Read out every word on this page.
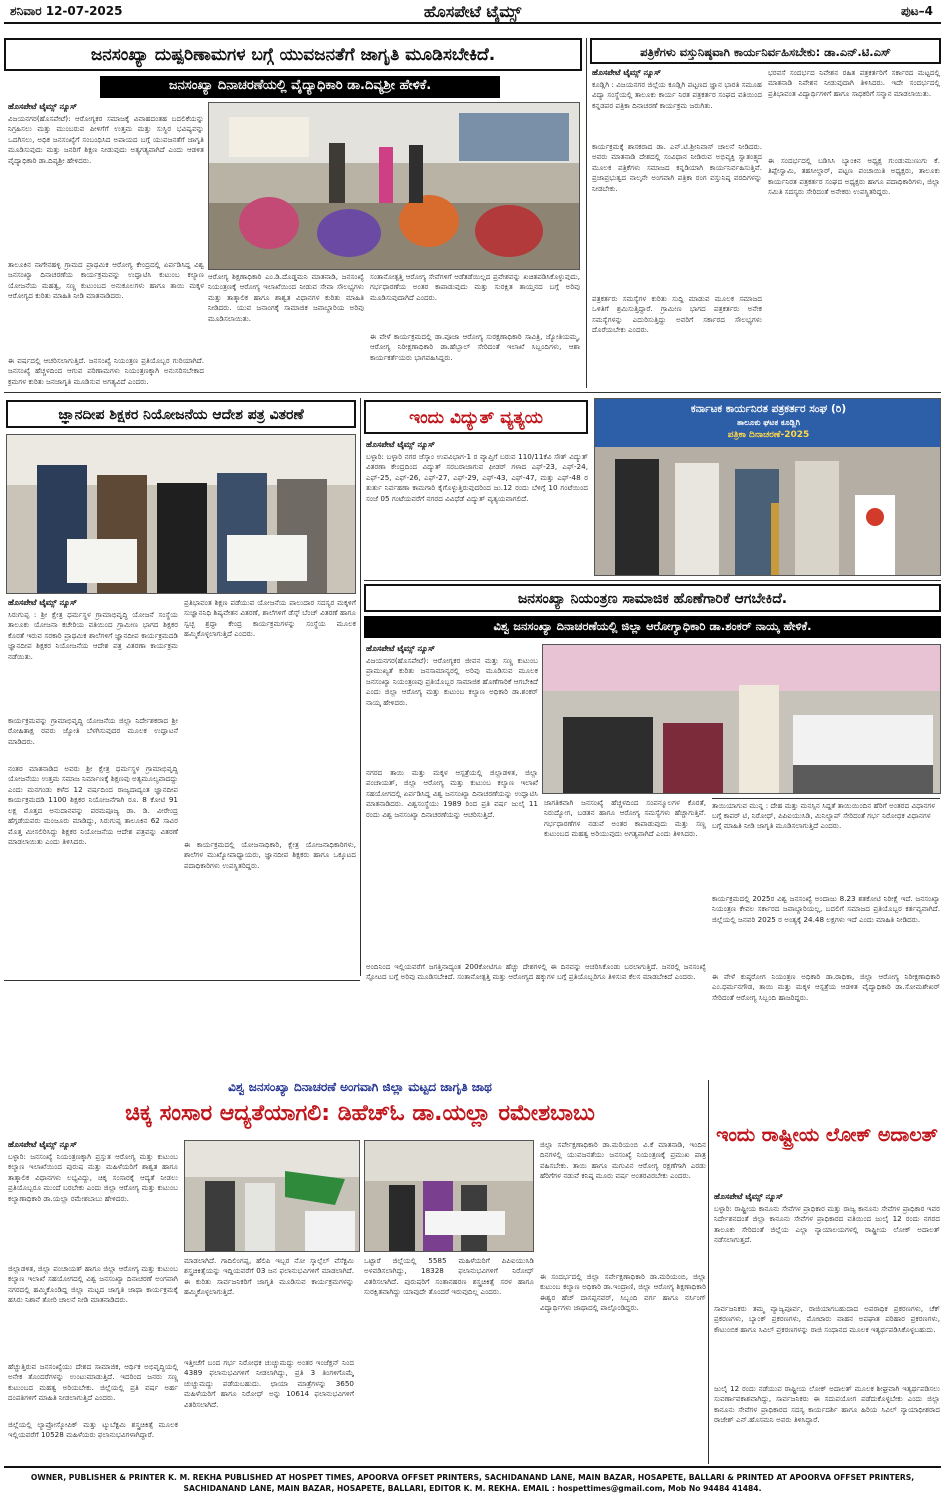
ಶನಿವಾರ 12-07-2025	ಹೊಸಪೇಟೆ ಟೈಮ್ಸ್	ಪುಟ–4
ಜನಸಂಖ್ಯಾ ದುಷ್ಪರಿಣಾಮಗಳ ಬಗ್ಗೆ ಯುವಜನತೆಗೆ ಜಾಗೃತಿ ಮೂಡಿಸಬೇಕಿದೆ.
ಜನಸಂಖ್ಯಾ ದಿನಾಚರಣೆಯಲ್ಲಿ ವೈದ್ಯಾಧಿಕಾರಿ ಡಾ.ದಿವ್ಯಶ್ರೀ ಹೇಳಿಕೆ.
ಹೊಸಪೇಟೆ ಟೈಮ್ಸ್ ನ್ಯೂಸ್
ವಿಜಯನಗರ(ಹೊಸಪೇಟೆ): ಆರೋಗ್ಯಕರ ಸಮಾಜಕ್ಕೆ ವಿವಾಹದಂತಹ ಬದಲಿಕೆಯನ್ನು ನಿಗ್ರಹಿಸಲು ಮತ್ತು ಮುಂಬರುವ ಪೀಳಿಗೆಗೆ ಉತ್ತಮ ಮತ್ತು ಸುಸ್ಥಿರ ಭವಿಷ್ಯವನ್ನು ಒದಗಿಸಲು, ಅಧಿಕ ಜನಸಂಖ್ಯೆಗೆ ಸಂಬಂಧಿಸಿದ ಅಪಾಯದ ಬಗ್ಗೆ ಯುವಜನತೆಗೆ ಜಾಗೃತಿ ಮೂಡಿಸುವುದು ಮತ್ತು ಜನರಿಗೆ ಶಿಕ್ಷಣ ನೀಡುವುದು ಅತ್ಯಗತ್ಯವಾಗಿದೆ ಎಂದು ಆಡಳಿತ ವೈದ್ಯಾಧಿಕಾರಿ ಡಾ.ದಿವ್ಯಶ್ರೀ ಹೇಳಿದರು.
ತಾಲೂಕಿನ ನಾಗೇನಹಳ್ಳಿ ಗ್ರಾಮದ ಪ್ರಾಥಮಿಕ ಆರೋಗ್ಯ ಕೇಂದ್ರದಲ್ಲಿ ಏರ್ಪಡಿಸಿದ್ದ ವಿಶ್ವ ಜನಸಂಖ್ಯಾ ದಿನಾಚರಣೆಯ ಕಾರ್ಯಕ್ರಮವನ್ನು ಉದ್ಘಾಟಿಸಿ ಕುಟುಂಬ ಕಲ್ಯಾಣ ಯೋಜನೆಯ ಮಹತ್ವ, ಸಣ್ಣ ಕುಟುಂಬದ ಅನುಕೂಲಗಳು ಹಾಗೂ ತಾಯಿ ಮಕ್ಕಳ ಆರೋಗ್ಯದ ಕುರಿತು ಮಾಹಿತಿ ನೀಡಿ ಮಾತನಾಡಿದರು.
ಈ ವರ್ಷದಲ್ಲಿ ಆಚರಿಸಲಾಗುತ್ತಿದೆ. ಜನಸಂಖ್ಯೆ ನಿಯಂತ್ರಣ ಪ್ರತಿಯೊಬ್ಬರ ಗುರಿಯಾಗಿದೆ. ಜನಸಂಖ್ಯೆ ಹೆಚ್ಚಳದಿಂದ ಆಗುವ ಪರಿಣಾಮಗಳು ನಿಯಂತ್ರಣಕ್ಕಾಗಿ ಅನುಸರಿಸಬೇಕಾದ ಕ್ರಮಗಳ ಕುರಿತು ಜನಜಾಗೃತಿ ಮೂಡಿಸುವ ಅಗತ್ಯವಿದೆ ಎಂದರು.
ಆರೋಗ್ಯ ಶಿಕ್ಷಣಾಧಿಕಾರಿ ಎಂ.ಡಿ.ದೊಡ್ಡಮನಿ ಮಾತನಾಡಿ, ಜನಸಂಖ್ಯೆ ನಿಯಂತ್ರಣಕ್ಕೆ ಆರೋಗ್ಯ ಇಲಾಖೆಯಿಂದ ನೀಡುವ ಸೇವಾ ಸೌಲಭ್ಯಗಳು ಮತ್ತು ತಾತ್ಕಾಲಿಕ ಹಾಗೂ ಶಾಶ್ವತ ವಿಧಾನಗಳ ಕುರಿತು ಮಾಹಿತಿ ನೀಡಿದರು. ಯುವ ಜನಾಂಗಕ್ಕೆ ಸಾಮಾಜಿಕ ಜವಾಬ್ದಾರಿಯ ಅರಿವು ಮೂಡಿಸಲಾಯಿತು.
ಸಂತಾನೋತ್ಪತ್ತಿ ಆರೋಗ್ಯ ಸೇವೆಗಳಿಗೆ ಆಡೆತಡೆಯಿಲ್ಲದ ಪ್ರವೇಶವನ್ನು ಖಚಿತಪಡಿಸಿಕೊಳ್ಳುವುದು, ಗರ್ಭಧಾರಣೆಯ ಅಂತರ ಕಾಪಾಡುವುದು ಮತ್ತು ಸುರಕ್ಷಿತ ತಾಯ್ತನದ ಬಗ್ಗೆ ಅರಿವು ಮೂಡಿಸುವುದಾಗಿದೆ ಎಂದರು.
ಈ ವೇಳೆ ಕಾರ್ಯಕ್ರಮದಲ್ಲಿ ಡಾ.ಪೂಜಾ ಆರೋಗ್ಯ ಸುರಕ್ಷಣಾಧಿಕಾರಿ ಸಾವಿತ್ರಿ, ಜ್ಯೋತಿಯಮ್ಮ, ಆರೋಗ್ಯ ನಿರೀಕ್ಷಣಾಧಿಕಾರಿ ಡಾ.ಹೆಬ್ಬಾಲ್ ಸೇರಿದಂತೆ ಇಲಾಖೆ ಸಿಬ್ಬಂದಿಗಳು, ಆಶಾ ಕಾರ್ಯಕರ್ತೆಯರು ಭಾಗವಹಿಸಿದ್ದರು.
ಪತ್ರಿಕೆಗಳು ವಸ್ತುನಿಷ್ಠವಾಗಿ ಕಾರ್ಯನಿರ್ವಹಿಸಬೇಕು: ಡಾ.ಎನ್.ಟಿ.ಎಸ್
ಹೊಸಪೇಟೆ ಟೈಮ್ಸ್ ನ್ಯೂಸ್
ಕೂಡ್ಲಿಗಿ : ವಿಜಯನಗರ ಜಿಲ್ಲೆಯ ಕೂಡ್ಲಿಗಿ ಪಟ್ಟಣದ ಜ್ಞಾನ ಭಾರತಿ ಸಮೂಹ ವಿದ್ಯಾ ಸಂಸ್ಥೆಯಲ್ಲಿ ತಾಲೂಕು ಕಾರ್ಯ ನಿರತ ಪತ್ರಕರ್ತರ ಸಂಘದ ವತಿಯಿಂದ ಕನ್ನಡಪರ ಪತ್ರಿಕಾ ದಿನಾಚರಣೆ ಕಾರ್ಯಕ್ರಮ ಜರುಗಿತು.
ಕಾರ್ಯಕ್ರಮಕ್ಕೆ ಶಾಸಕರಾದ ಡಾ. ಎನ್.ಟಿ.ಶ್ರೀನಿವಾಸ್ ಚಾಲನೆ ನೀಡಿದರು. ಅವರು ಮಾತನಾಡಿ ದೇಶದಲ್ಲಿ ಸಂವಿಧಾನ ನೀಡಿರುವ ಅಭಿವ್ಯಕ್ತಿ ಸ್ವಾತಂತ್ರ್ಯದ ಮೂಲಕ ಪತ್ರಿಕೆಗಳು ಸಮಾಜದ ಕನ್ನಡಿಯಾಗಿ ಕಾರ್ಯನಿರ್ವಹಿಸುತ್ತಿವೆ. ಪ್ರಜಾಪ್ರಭುತ್ವದ ನಾಲ್ಕನೇ ಅಂಗವಾಗಿ ಪತ್ರಿಕಾ ರಂಗ ವಸ್ತುನಿಷ್ಠ ವರದಿಗಳನ್ನು ನೀಡಬೇಕು.
ಪತ್ರಕರ್ತರು ಸಮಸ್ಯೆಗಳ ಕುರಿತು ಸುದ್ದಿ ಮಾಡುವ ಮೂಲಕ ಸಮಾಜದ ಒಳಿತಿಗೆ ಶ್ರಮಿಸುತ್ತಿದ್ದಾರೆ. ಗ್ರಾಮೀಣ ಭಾಗದ ಪತ್ರಕರ್ತರು ಅನೇಕ ಸಮಸ್ಯೆಗಳನ್ನು ಎದುರಿಸುತ್ತಿದ್ದು ಅವರಿಗೆ ಸರ್ಕಾರದ ಸೌಲಭ್ಯಗಳು ದೊರೆಯಬೇಕು ಎಂದರು.
ಭರವಸೆ ಸಂದರ್ಭದ ನಿವೇಶನ ರಹಿತ ಪತ್ರಕರ್ತರಿಗೆ ಸರ್ಕಾರದ ಮಟ್ಟದಲ್ಲಿ ಮಾತನಾಡಿ ನಿವೇಶನ ನೀಡುವುದಾಗಿ ತಿಳಿಸಿದರು. ಇದೇ ಸಂದರ್ಭದಲ್ಲಿ ಪ್ರತಿಭಾವಂತ ವಿದ್ಯಾರ್ಥಿಗಳಿಗೆ ಹಾಗೂ ಸಾಧಕರಿಗೆ ಸನ್ಮಾನ ಮಾಡಲಾಯಿತು.
ಈ ಸಂದರ್ಭದಲ್ಲಿ ಬಡಿಸಿಸಿ ಬ್ಯಾಂಕಿನ ಅಧ್ಯಕ್ಷ ಗುಂಡುಮುಣುಗು ಕೆ. ತಿಪ್ಪೇಸ್ವಾಮಿ, ತಹಸೀಲ್ದಾರ್, ಪಟ್ಟಣ ಪಂಚಾಯಿತಿ ಅಧ್ಯಕ್ಷರು, ತಾಲೂಕು ಕಾರ್ಯನಿರತ ಪತ್ರಕರ್ತರ ಸಂಘದ ಅಧ್ಯಕ್ಷರು ಹಾಗೂ ಪದಾಧಿಕಾರಿಗಳು, ಜಿಲ್ಲಾ ಸಮಿತಿ ಸದಸ್ಯರು ಸೇರಿದಂತೆ ಅನೇಕರು ಉಪಸ್ಥಿತರಿದ್ದರು.
ಜ್ಞಾನದೀಪ ಶಿಕ್ಷಕರ ನಿಯೋಜನೆಯ ಆದೇಶ ಪತ್ರ ವಿತರಣೆ
ಹೊಸಪೇಟೆ ಟೈಮ್ಸ್ ನ್ಯೂಸ್
ಸಿರುಗುಪ್ಪ : ಶ್ರೀ ಕ್ಷೇತ್ರ ಧರ್ಮಸ್ಥಳ ಗ್ರಾಮಾಭಿವೃದ್ಧಿ ಯೋಜನೆ ಸಂಸ್ಥೆಯ ತಾಲೂಕು ಯೋಜನಾ ಕಚೇರಿಯ ವತಿಯಿಂದ ಗ್ರಾಮೀಣ ಭಾಗದ ಶಿಕ್ಷಕರ ಕೊರತೆ ಇರುವ ಸರಕಾರಿ ಪ್ರಾಥಮಿಕ ಶಾಲೆಗಳಿಗೆ ಜ್ಞಾನದೀಪ ಕಾರ್ಯಕ್ರಮದಡಿ ಜ್ಞಾನದೀಪ ಶಿಕ್ಷಕರ ನಿಯೋಜನೆಯ ಆದೇಶ ಪತ್ರ ವಿತರಣಾ ಕಾರ್ಯಕ್ರಮ ನಡೆಯಿತು.
ಕಾರ್ಯಕ್ರಮವನ್ನು ಗ್ರಾಮಾಭಿವೃದ್ಧಿ ಯೋಜನೆಯ ಜಿಲ್ಲಾ ನಿರ್ದೇಶಕರಾದ ಶ್ರೀ ರೋಹಿತಾಕ್ಷ ರವರು ಜ್ಯೋತಿ ಬೆಳಗಿಸುವುದರ ಮೂಲಕ ಉದ್ಘಾಟನೆ ಮಾಡಿದರು.
ನಂತರ ಮಾತನಾಡಿದ ಅವರು ಶ್ರೀ ಕ್ಷೇತ್ರ ಧರ್ಮಸ್ಥಳ ಗ್ರಾಮಾಭಿವೃದ್ಧಿ ಯೋಜನೆಯು ಉತ್ತಮ ಸಮಾಜ ನಿರ್ಮಾಣಕ್ಕೆ ಶಿಕ್ಷಣವು ಅತ್ಯಮೂಲ್ಯವಾದದ್ದು ಎಂದು ಮನಗಂಡು ಕಳೆದ 12 ವರ್ಷದಿಂದ ರಾಜ್ಯದಾದ್ಯಂತ ಜ್ಞಾನದೀಪ ಕಾರ್ಯಕ್ರಮದಡಿ 1100 ಶಿಕ್ಷಕರ ನಿಯೋಜನೆಗಾಗಿ ರೂ. 8 ಕೋಟಿ 91 ಲಕ್ಷ ಮೊತ್ತದ ಅನುದಾನವನ್ನು ಪರಮಪೂಜ್ಯ ಡಾ. ಡಿ. ವೀರೇಂದ್ರ ಹೆಗ್ಗಡೆಯವರು ಮಂಜೂರು ಮಾಡಿದ್ದು, ಸಿರುಗುಪ್ಪ ತಾಲೂಕಿನ 62 ಸಾವಿರ ಮೊತ್ತ ಮೀಸಲಿರಿಸಿದ್ದು ಶಿಕ್ಷಕರ ನಿಯೋಜನೆಯ ಆದೇಶ ಪತ್ರವನ್ನು ವಿತರಣೆ ಮಾಡಲಾಯಿತು ಎಂದು ತಿಳಿಸಿದರು.
ಪ್ರತಿಭಾವಂತ ಶಿಕ್ಷಣ ಪಡೆಯುವ ಯೋಜನೆಯ ಪಾಲುದಾರ ಸದಸ್ಯರ ಮಕ್ಕಳಿಗೆ ಸುಜ್ಞಾನನಿಧಿ ಶಿಷ್ಯವೇತನ ವಿತರಣೆ, ಶಾಲೆಗಳಿಗೆ ಡೆಸ್ಕ್ ಬೆಂಚ್ ವಿತರಣೆ ಹಾಗೂ ಸ್ವಚ್ಛ ಶ್ರದ್ಧಾ ಕೇಂದ್ರ ಕಾರ್ಯಕ್ರಮಗಳನ್ನು ಸಂಸ್ಥೆಯ ಮೂಲಕ ಹಮ್ಮಿಕೊಳ್ಳಲಾಗುತ್ತಿದೆ ಎಂದರು.
ಈ ಕಾರ್ಯಕ್ರಮದಲ್ಲಿ ಯೋಜನಾಧಿಕಾರಿ, ಕ್ಷೇತ್ರ ಯೋಜನಾಧಿಕಾರಿಗಳು, ಶಾಲೆಗಳ ಮುಖ್ಯೋಪಾಧ್ಯಾಯರು, ಜ್ಞಾನದೀಪ ಶಿಕ್ಷಕರು ಹಾಗೂ ಒಕ್ಕೂಟದ ಪದಾಧಿಕಾರಿಗಳು ಉಪಸ್ಥಿತರಿದ್ದರು.
ಇಂದು ವಿದ್ಯುತ್ ವ್ಯತ್ಯಯ
ಹೊಸಪೇಟೆ ಟೈಮ್ಸ್ ನ್ಯೂಸ್
ಬಳ್ಳಾರಿ: ಬಳ್ಳಾರಿ ನಗರ ಜೆಸ್ಕಾಂ ಉಪವಿಭಾಗ-1 ರ ವ್ಯಾಪ್ತಿಗೆ ಬರುವ 110/11ಕೆವಿ ಸೌತ್ ವಿದ್ಯುತ್ ವಿತರಣಾ ಕೇಂದ್ರದಿಂದ ವಿದ್ಯುತ್ ಸರಬರಾಜಾಗುವ ಫೀಡರ್ ಗಳಾದ ಎಫ್-23, ಎಫ್-24, ಎಫ್-25, ಎಫ್-26, ಎಫ್-27, ಎಫ್-29, ಎಫ್-43, ಎಫ್-47, ಮತ್ತು ಎಫ್-48 ರ ತುರ್ತು ನಿರ್ವಹಣಾ ಕಾಮಗಾರಿ ಕೈಗೊಳ್ಳುತ್ತಿರುವುದರಿಂದ ಜು.12 ರಂದು ಬೆಳಿಗ್ಗೆ 10 ಗಂಟೆಯಿಂದ ಸಂಜೆ 05 ಗಂಟೆಯವರೆಗೆ ನಗರದ ವಿವಿಧೆಡೆ ವಿದ್ಯುತ್ ವ್ಯತ್ಯಯವಾಗಲಿದೆ.
ಕರ್ನಾಟಕ ಕಾರ್ಯನಿರತ ಪತ್ರಕರ್ತರ ಸಂಘ (ರಿ)
ತಾಲೂಕು ಘಟಕ ಕೂಡ್ಲಿಗಿ
ಪತ್ರಿಕಾ ದಿನಾಚರಣೆ-2025
ಜನಸಂಖ್ಯಾ ನಿಯಂತ್ರಣ ಸಾಮಾಜಿಕ ಹೊಣೆಗಾರಿಕೆ ಆಗಬೇಕಿದೆ.
ವಿಶ್ವ ಜನಸಂಖ್ಯಾ ದಿನಾಚರಣೆಯಲ್ಲಿ ಜಿಲ್ಲಾ ಆರೋಗ್ಯಾಧಿಕಾರಿ ಡಾ.ಶಂಕರ್ ನಾಯ್ಕ ಹೇಳಿಕೆ.
ಹೊಸಪೇಟೆ ಟೈಮ್ಸ್ ನ್ಯೂಸ್
ವಿಜಯನಗರ(ಹೊಸಪೇಟೆ): ಆರೋಗ್ಯಕರ ಜೀವನ ಮತ್ತು ಸಣ್ಣ ಕುಟುಂಬ ಪ್ರಾಮುಖ್ಯತೆ ಕುರಿತು ಜನಸಾಮಾನ್ಯರಲ್ಲಿ ಅರಿವು ಮೂಡಿಸುವ ಮೂಲಕ ಜನಸಂಖ್ಯಾ ನಿಯಂತ್ರಣವು ಪ್ರತಿಯೊಬ್ಬರ ಸಾಮಾಜಿಕ ಹೊಣೆಗಾರಿಕೆ ಆಗಬೇಕಿದೆ ಎಂದು ಜಿಲ್ಲಾ ಆರೋಗ್ಯ ಮತ್ತು ಕುಟುಂಬ ಕಲ್ಯಾಣ ಅಧಿಕಾರಿ ಡಾ.ಶಂಕರ್ ನಾಯ್ಕ ಹೇಳಿದರು.
ನಗರದ ತಾಯಿ ಮತ್ತು ಮಕ್ಕಳ ಆಸ್ಪತ್ರೆಯಲ್ಲಿ ಜಿಲ್ಲಾಡಳಿತ, ಜಿಲ್ಲಾ ಪಂಚಾಯತ್, ಜಿಲ್ಲಾ ಆರೋಗ್ಯ ಮತ್ತು ಕುಟುಂಬ ಕಲ್ಯಾಣ ಇಲಾಖೆ ಸಹಯೋಗದಲ್ಲಿ ಏರ್ಪಡಿಸಿದ್ದ ವಿಶ್ವ ಜನಸಂಖ್ಯಾ ದಿನಾಚರಣೆಯನ್ನು ಉದ್ಘಾಟಿಸಿ ಮಾತನಾಡಿದರು. ವಿಶ್ವಸಂಸ್ಥೆಯು 1989 ರಿಂದ ಪ್ರತಿ ವರ್ಷ ಜುಲೈ 11 ರಂದು ವಿಶ್ವ ಜನಸಂಖ್ಯಾ ದಿನಾಚರಣೆಯನ್ನು ಆಚರಿಸುತ್ತಿದೆ.
ಜಾಗತಿಕವಾಗಿ ಜನಸಂಖ್ಯೆ ಹೆಚ್ಚಳದಿಂದ ಸಂಪನ್ಮೂಲಗಳ ಕೊರತೆ, ನಿರುದ್ಯೋಗ, ಬಡತನ ಹಾಗೂ ಆರೋಗ್ಯ ಸಮಸ್ಯೆಗಳು ಹೆಚ್ಚಾಗುತ್ತಿವೆ. ಗರ್ಭಧಾರಣೆಗಳ ನಡುವೆ ಅಂತರ ಕಾಪಾಡುವುದು ಮತ್ತು ಸಣ್ಣ ಕುಟುಂಬದ ಮಹತ್ವ ಅರಿಯುವುದು ಅಗತ್ಯವಾಗಿದೆ ಎಂದು ತಿಳಿಸಿದರು.
ತಾಯಿಯಾಗುವ ಮುನ್ನ : ದೇಹ ಮತ್ತು ಮನಸ್ಸಿನ ಸಿದ್ದತೆ ತಾಯಿಯಿಂದಿನ ಹೆರಿಗೆ ಅಂತರದ ವಿಧಾನಗಳ ಬಗ್ಗೆ ಕಾಪರ್ ಟಿ, ನಿರೋಧ್, ಪಿಪಿಐಯುಸಿಡಿ, ಮಿನಿಲ್ಯಾಪ್ ಸೇರಿದಂತೆ ಗರ್ಭ ನಿರೋಧಕ ವಿಧಾನಗಳ ಬಗ್ಗೆ ಮಾಹಿತಿ ನೀಡಿ ಜಾಗೃತಿ ಮೂಡಿಸಲಾಗುತ್ತಿದೆ ಎಂದರು.
ಕಾರ್ಯಕ್ರಮದಲ್ಲಿ 2025ರ ವಿಶ್ವ ಜನಸಂಖ್ಯೆ ಅಂದಾಜು 8.23 ಶತಕೋಟಿ ನಿರೀಕ್ಷೆ ಇದೆ. ಜನಸಂಖ್ಯಾ ನಿಯಂತ್ರಣ ಕೇವಲ ಸರ್ಕಾರದ ಜವಾಬ್ದಾರಿಯಲ್ಲ, ಬದಲಿಗೆ ಸಮಾಜದ ಪ್ರತಿಯೊಬ್ಬರ ಕರ್ತವ್ಯವಾಗಿದೆ. ಜಿಲ್ಲೆಯಲ್ಲಿ ಜನವರಿ 2025 ರ ಅಂತ್ಯಕ್ಕೆ 24.48 ಲಕ್ಷಗಳು ಇದೆ ಎಂದು ಮಾಹಿತಿ ನೀಡಿದರು.
ಅಂದಿನಿಂದ ಇಲ್ಲಿಯವರೆಗೆ ಜಗತ್ತಿನಾದ್ಯಂತ 200ಕೋಟಿಗೂ ಹೆಚ್ಚು ದೇಶಗಳಲ್ಲಿ ಈ ದಿನವನ್ನು ಆಚರಿಸಿಕೊಂಡು ಬರಲಾಗುತ್ತಿದೆ. ಜನರಲ್ಲಿ ಜನಸಂಖ್ಯೆ ಸ್ಪೋಟದ ಬಗ್ಗೆ ಅರಿವು ಮೂಡಿಸಬೇಕಿದೆ. ಸಂತಾನೋತ್ಪತ್ತಿ ಮತ್ತು ಆರೋಗ್ಯದ ಹಕ್ಕುಗಳ ಬಗ್ಗೆ ಪ್ರತಿಯೊಬ್ಬರಿಗೂ ತಿಳಿಸುವ ಕೆಲಸ ಮಾಡಬೇಕಿದೆ ಎಂದರು.	ಈ ವೇಳೆ ಕುಷ್ಠರೋಗ ನಿಯಂತ್ರಣ ಅಧಿಕಾರಿ ಡಾ.ರಾಧಿಕಾ, ಜಿಲ್ಲಾ ಆರೋಗ್ಯ ನಿರೀಕ್ಷಣಾಧಿಕಾರಿ ಎಂ.ಧರ್ಮನಗೌಡ, ತಾಯಿ ಮತ್ತು ಮಕ್ಕಳ ಆಸ್ಪತ್ರೆಯ ಆಡಳಿತ ವೈದ್ಯಾಧಿಕಾರಿ ಡಾ.ಸೋಮಶೇಖರ್ ಸೇರಿದಂತೆ ಆರೋಗ್ಯ ಸಿಬ್ಬಂದಿ ಹಾಜರಿದ್ದರು.
ವಿಶ್ವ ಜನಸಂಖ್ಯಾ ದಿನಾಚರಣೆ ಅಂಗವಾಗಿ ಜಿಲ್ಲಾ ಮಟ್ಟದ ಜಾಗೃತಿ ಜಾಥ
ಚಿಕ್ಕ ಸಂಸಾರ ಆದ್ಯತೆಯಾಗಲಿ: ಡಿಹೆಚ್‌ಓ ಡಾ.ಯಲ್ಲಾ ರಮೇಶಬಾಬು
ಹೊಸಪೇಟೆ ಟೈಮ್ಸ್ ನ್ಯೂಸ್
ಬಳ್ಳಾರಿ: ಜನಸಂಖ್ಯೆ ನಿಯಂತ್ರಣಕ್ಕಾಗಿ ಪ್ರಸ್ತುತ ಆರೋಗ್ಯ ಮತ್ತು ಕುಟುಂಬ ಕಲ್ಯಾಣ ಇಲಾಖೆಯಿಂದ ಪುರುಷ ಮತ್ತು ಮಹಿಳೆಯರಿಗೆ ಶಾಶ್ವತ ಹಾಗೂ ತಾತ್ಕಾಲಿಕ ವಿಧಾನಗಳು ಲಭ್ಯವಿದ್ದು, ಚಿಕ್ಕ ಸಂಸಾರಕ್ಕೆ ಆದ್ಯತೆ ನೀಡಲು ಪ್ರತಿಯೊಬ್ಬರೂ ಮುಂದೆ ಬರಬೇಕು ಎಂದು ಜಿಲ್ಲಾ ಆರೋಗ್ಯ ಮತ್ತು ಕುಟುಂಬ ಕಲ್ಯಾಣಾಧಿಕಾರಿ ಡಾ.ಯಲ್ಲಾ ರಮೇಶಬಾಬು ಹೇಳಿದರು.
ಜಿಲ್ಲಾಡಳಿತ, ಜಿಲ್ಲಾ ಪಂಚಾಯತ್ ಹಾಗೂ ಜಿಲ್ಲಾ ಆರೋಗ್ಯ ಮತ್ತು ಕುಟುಂಬ ಕಲ್ಯಾಣ ಇಲಾಖೆ ಸಹಯೋಗದಲ್ಲಿ ವಿಶ್ವ ಜನಸಂಖ್ಯಾ ದಿನಾಚರಣೆ ಅಂಗವಾಗಿ ನಗರದಲ್ಲಿ ಹಮ್ಮಿಕೊಂಡಿದ್ದ ಜಿಲ್ಲಾ ಮಟ್ಟದ ಜಾಗೃತಿ ಜಾಥಾ ಕಾರ್ಯಕ್ರಮಕ್ಕೆ ಹಸಿರು ನಿಶಾನೆ ತೋರಿ ಚಾಲನೆ ನೀಡಿ ಮಾತನಾಡಿದರು.
ಹೆಚ್ಚುತ್ತಿರುವ ಜನಸಂಖ್ಯೆಯು ದೇಶದ ಸಾಮಾಜಿಕ, ಆರ್ಥಿಕ ಅಭಿವೃದ್ಧಿಯಲ್ಲಿ ಅನೇಕ ತೊಂದರೆಗಳನ್ನು ಉಂಟುಮಾಡುತ್ತಿದೆ. ಇದರಿಂದ ಜನರು ಸಣ್ಣ ಕುಟುಂಬದ ಮಹತ್ವ ಅರಿಯಬೇಕು. ಜಿಲ್ಲೆಯಲ್ಲಿ ಪ್ರತಿ ವರ್ಷ ಅರ್ಹ ದಂಪತಿಗಳಿಗೆ ಮಾಹಿತಿ ನೀಡಲಾಗುತ್ತಿದೆ ಎಂದರು.
ಜಿಲ್ಲೆಯಲ್ಲಿ ಲ್ಯಾಪ್ರೋಸ್ಕೋಪಿಕ್ ಮತ್ತು ಟ್ಯುಬೆಕ್ಟಮಿ ಶಸ್ತ್ರಚಿಕಿತ್ಸೆ ಮೂಲಕ ಇಲ್ಲಿಯವರೆಗೆ 10528 ಮಹಿಳೆಯರು ಫಲಾನುಭವಿಗಳಾಗಿದ್ದಾರೆ.
ಮಾಡಲಾಗಿದೆ. ಗಾದಿಲಿಂಗಪ್ಪ, ಹೆಲಿಪಿ ಇಬ್ಬರ ನೋ ಸ್ಕಾಲ್ಪೆಲ್ ವೆಸೆಕ್ಟಮಿ ಶಸ್ತ್ರಚಿಕಿತ್ಸೆಯನ್ನು ಇದ್ದಿಯವರೆಗೆ 03 ಜನ ಫಲಾನುಭವಿಗಳಿಗೆ ಮಾಡಲಾಗಿದೆ. ಈ ಕುರಿತು ಸಾರ್ವಜನಿಕರಿಗೆ ಜಾಗೃತಿ ಮೂಡಿಸುವ ಕಾರ್ಯಕ್ರಮಗಳನ್ನು ಹಮ್ಮಿಕೊಳ್ಳಲಾಗುತ್ತಿದೆ.
ಇತ್ತೀಚೆಗೆ ಬಂದ ಗರ್ಭ ನಿರೋಧಕ ಚುಚ್ಚುಮದ್ದು ಅಂತರ ಇಂಜೆಕ್ಷನ್ ನಿಂದ 4389 ಫಲಾನುಭವಿಗಳಿಗೆ ನೀಡಲಾಗಿದ್ದು, ಪ್ರತಿ 3 ತಿಂಗಳಿಗೊಮ್ಮೆ ಚುಚ್ಚುಮದ್ದು ಪಡೆಯಬಹುದು. ಛಾಯಾ ಮಾತ್ರೆಗಳನ್ನು 3650 ಮಹಿಳೆಯರಿಗೆ ಹಾಗೂ ನಿರೋಧ್ ಅನ್ನು 10614 ಫಲಾನುಭವಿಗಳಿಗೆ ವಿತರಿಸಲಾಗಿದೆ.
ಒಟ್ಟಾರೆ ಜಿಲ್ಲೆಯಲ್ಲಿ 5585 ಮಹಿಳೆಯರಿಗೆ ಪಿಪಿಐಯುಸಿಡಿ ಅಳವಡಿಸಲಾಗಿದ್ದು, 18328 ಫಲಾನುಭವಿಗಳಿಗೆ ನಿರೋಧ್ ವಿತರಿಸಲಾಗಿದೆ. ಪುರುಷರಿಗೆ ಸಂತಾನಹರಣ ಶಸ್ತ್ರಚಿಕಿತ್ಸೆ ಸರಳ ಹಾಗೂ ಸುರಕ್ಷಿತವಾಗಿದ್ದು ಯಾವುದೇ ತೊಂದರೆ ಇರುವುದಿಲ್ಲ ಎಂದರು.
ಜಿಲ್ಲಾ ಸರ್ವೇಕ್ಷಣಾಧಿಕಾರಿ ಡಾ.ಮರಿಯಂಬಿ ವಿ.ಕೆ ಮಾತನಾಡಿ, ಇಂದಿನ ದಿನಗಳಲ್ಲಿ ಯುವಜನತೆಯು ಜನಸಂಖ್ಯೆ ನಿಯಂತ್ರಣಕ್ಕೆ ಪ್ರಮುಖ ಪಾತ್ರ ವಹಿಸಬೇಕು. ತಾಯಿ ಹಾಗೂ ಮಗುವಿನ ಆರೋಗ್ಯ ರಕ್ಷಣೆಗಾಗಿ ಎರಡು ಹೆರಿಗೆಗಳ ನಡುವೆ ಕನಿಷ್ಠ ಮೂರು ವರ್ಷ ಅಂತರವಿರಬೇಕು ಎಂದರು.
ಈ ಸಂದರ್ಭದಲ್ಲಿ ಜಿಲ್ಲಾ ಸರ್ವೇಕ್ಷಣಾಧಿಕಾರಿ ಡಾ.ಮರಿಯಂಬಿ, ಜಿಲ್ಲಾ ಕುಟುಂಬ ಕಲ್ಯಾಣ ಅಧಿಕಾರಿ ಡಾ.ಇಂದ್ರಾಣಿ, ಜಿಲ್ಲಾ ಆರೋಗ್ಯ ಶಿಕ್ಷಣಾಧಿಕಾರಿ ಈಶ್ವರ ಹೆಚ್ ದಾಸಪ್ಪನವರ್, ಸಿಬ್ಬಂದಿ ವರ್ಗ ಹಾಗೂ ನರ್ಸಿಂಗ್ ವಿದ್ಯಾರ್ಥಿಗಳು ಜಾಥಾದಲ್ಲಿ ಪಾಲ್ಗೊಂಡಿದ್ದರು.
ಇಂದು ರಾಷ್ಟ್ರೀಯ ಲೋಕ್ ಅದಾಲತ್
ಹೊಸಪೇಟೆ ಟೈಮ್ಸ್ ನ್ಯೂಸ್
ಬಳ್ಳಾರಿ: ರಾಷ್ಟ್ರೀಯ ಕಾನೂನು ಸೇವೆಗಳ ಪ್ರಾಧಿಕಾರ ಮತ್ತು ರಾಜ್ಯ ಕಾನೂನು ಸೇವೆಗಳ ಪ್ರಾಧಿಕಾರ ಇವರ ನಿರ್ದೇಶನದಂತೆ ಜಿಲ್ಲಾ ಕಾನೂನು ಸೇವೆಗಳ ಪ್ರಾಧಿಕಾರದ ವತಿಯಿಂದ ಜುಲೈ 12 ರಂದು ನಗರದ ತಾಲೂಕು ಸೇರಿದಂತೆ ಜಿಲ್ಲೆಯ ಎಲ್ಲಾ ನ್ಯಾಯಾಲಯಗಳಲ್ಲಿ ರಾಷ್ಟ್ರೀಯ ಲೋಕ್ ಅದಾಲತ್ ನಡೆಸಲಾಗುತ್ತದೆ.
ಸಾರ್ವಜನಿಕರು ತಮ್ಮ ವ್ಯಾಜ್ಯಪೂರ್ವ, ರಾಜಿಯಾಗಬಹುದಾದ ಅಪರಾಧಿಕ ಪ್ರಕರಣಗಳು, ಚೆಕ್ ಪ್ರಕರಣಗಳು, ಬ್ಯಾಂಕ್ ಪ್ರಕರಣಗಳು, ಮೋಟಾರು ವಾಹನ ಅಪಘಾತ ಪರಿಹಾರ ಪ್ರಕರಣಗಳು, ಕೌಟುಂಬಿಕ ಹಾಗೂ ಸಿವಿಲ್ ಪ್ರಕರಣಗಳನ್ನು ರಾಜಿ ಸಂಧಾನದ ಮೂಲಕ ಇತ್ಯರ್ಥಪಡಿಸಿಕೊಳ್ಳಬಹುದು.
ಜುಲೈ 12 ರಂದು ನಡೆಯುವ ರಾಷ್ಟ್ರೀಯ ಲೋಕ್ ಅದಾಲತ್ ಮೂಲಕ ಶೀಘ್ರವಾಗಿ ಇತ್ಯರ್ಥಪಡಿಸಲು ಸುವರ್ಣಾವಕಾಶವಾಗಿದ್ದು, ಸಾರ್ವಜನಿಕರು ಈ ಸದುಪಯೋಗ ಪಡೆದುಕೊಳ್ಳಬೇಕು ಎಂದು ಜಿಲ್ಲಾ ಕಾನೂನು ಸೇವೆಗಳ ಪ್ರಾಧಿಕಾರದ ಸದಸ್ಯ ಕಾರ್ಯದರ್ಶಿ ಹಾಗೂ ಹಿರಿಯ ಸಿವಿಲ್ ನ್ಯಾಯಾಧೀಶರಾದ ರಾಜೇಶ್ ಎನ್.ಹೊಸಮನಿ ಅವರು ತಿಳಿಸಿದ್ದಾರೆ.
OWNER, PUBLISHER & PRINTER K. M. REKHA PUBLISHED AT HOSPET TIMES, APOORVA OFFSET PRINTERS, SACHIDANAND LANE, MAIN BAZAR, HOSAPETE, BALLARI & PRINTED AT APOORVA OFFSET PRINTERS,
SACHIDANAND LANE, MAIN BAZAR, HOSAPETE, BALLARI, EDITOR K. M. REKHA. EMAIL : hospettimes@gmail.com, Mob No 94484 41484.
